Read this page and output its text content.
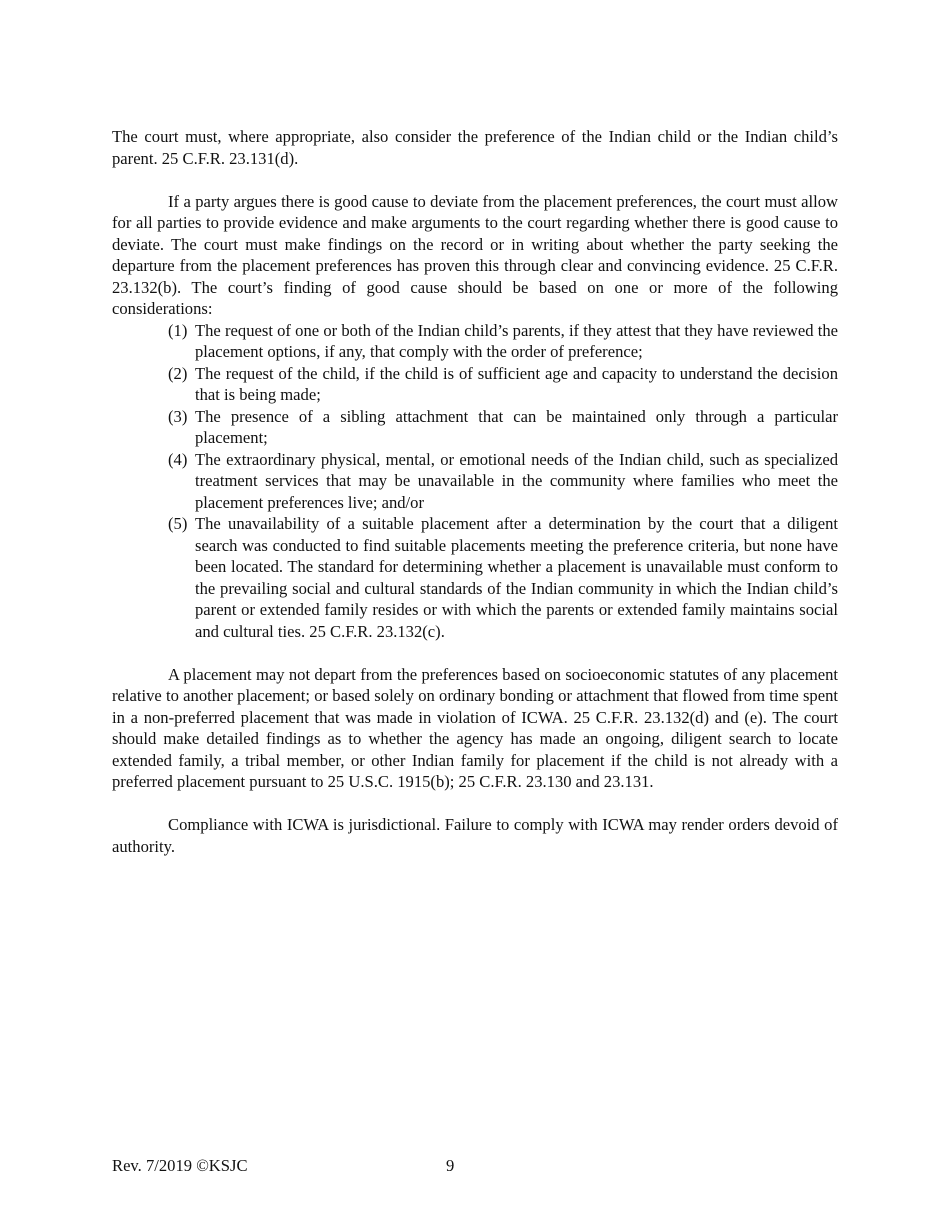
The court must, where appropriate, also consider the preference of the Indian child or the Indian child’s parent. 25 C.F.R. 23.131(d).

If a party argues there is good cause to deviate from the placement preferences, the court must allow for all parties to provide evidence and make arguments to the court regarding whether there is good cause to deviate. The court must make findings on the record or in writing about whether the party seeking the departure from the placement preferences has proven this through clear and convincing evidence. 25 C.F.R. 23.132(b). The court’s finding of good cause should be based on one or more of the following considerations:

(1) The request of one or both of the Indian child’s parents, if they attest that they have reviewed the placement options, if any, that comply with the order of preference;
(2) The request of the child, if the child is of sufficient age and capacity to understand the decision that is being made;
(3) The presence of a sibling attachment that can be maintained only through a particular placement;
(4) The extraordinary physical, mental, or emotional needs of the Indian child, such as specialized treatment services that may be unavailable in the community where families who meet the placement preferences live; and/or
(5) The unavailability of a suitable placement after a determination by the court that a diligent search was conducted to find suitable placements meeting the preference criteria, but none have been located. The standard for determining whether a placement is unavailable must conform to the prevailing social and cultural standards of the Indian community in which the Indian child’s parent or extended family resides or with which the parents or extended family maintains social and cultural ties. 25 C.F.R. 23.132(c).

A placement may not depart from the preferences based on socioeconomic statutes of any placement relative to another placement; or based solely on ordinary bonding or attachment that flowed from time spent in a non-preferred placement that was made in violation of ICWA. 25 C.F.R. 23.132(d) and (e). The court should make detailed findings as to whether the agency has made an ongoing, diligent search to locate extended family, a tribal member, or other Indian family for placement if the child is not already with a preferred placement pursuant to 25 U.S.C. 1915(b); 25 C.F.R. 23.130 and 23.131.

Compliance with ICWA is jurisdictional. Failure to comply with ICWA may render orders devoid of authority.

Rev. 7/2019 ©KSJC	9
